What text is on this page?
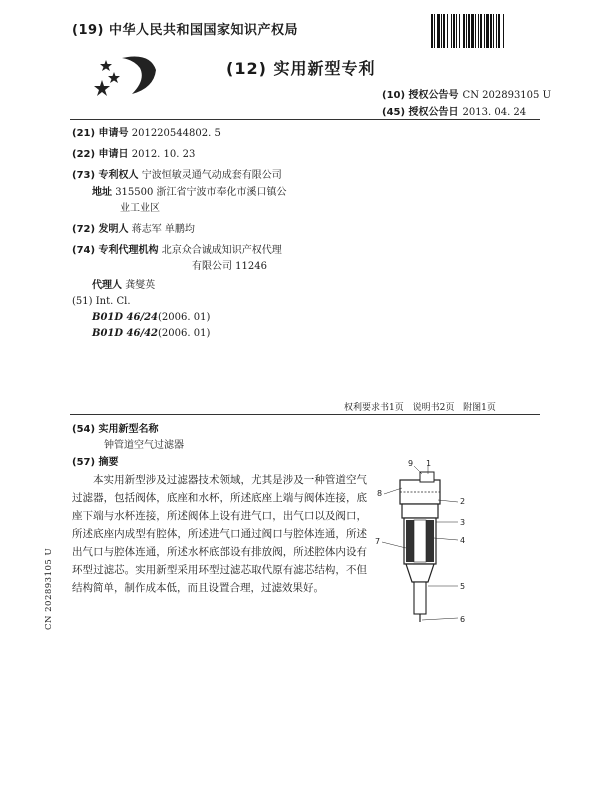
(19) 中华人民共和国国家知识产权局
(12) 实用新型专利
(10) 授权公告号 CN 202893105 U
(45) 授权公告日 2013. 04. 24
(21) 申请号 201220544802. 5
(22) 申请日 2012. 10. 23
(73) 专利权人 宁波恒敏灵通气动成套有限公司
地址 315500 浙江省宁波市奉化市溪口镇公
业工业区
(72) 发明人 蒋志军 单鹏均
(74) 专利代理机构 北京众合诚成知识产权代理
有限公司 11246
代理人 龚燮英
(51) Int. Cl.
B01D 46/24(2006. 01)
B01D 46/42(2006. 01)
权利要求书1页 说明书2页 附图1页
(54) 实用新型名称
钟管道空气过滤器
(57) 摘要

本实用新型涉及过滤器技术领域，尤其是涉及一种管道空气过滤器，包括阀体，底座和水杯，所述底座上端与阀体连接，底座下端与水杯连接，所述阀体上设有进气口，出气口以及阀口，所述底座内成型有腔体，所述进气口通过阀口与腔体连通，所述出气口与腔体连通，所述水杯底部设有排放阀，所述腔体内设有环型过滤芯。实用新型采用环型过滤芯取代原有滤芯结构，不但结构简单，制作成本低，而且设置合理，过滤效果好。

9 1
8
2
3
7	4
5
6
CN 202893105 U
